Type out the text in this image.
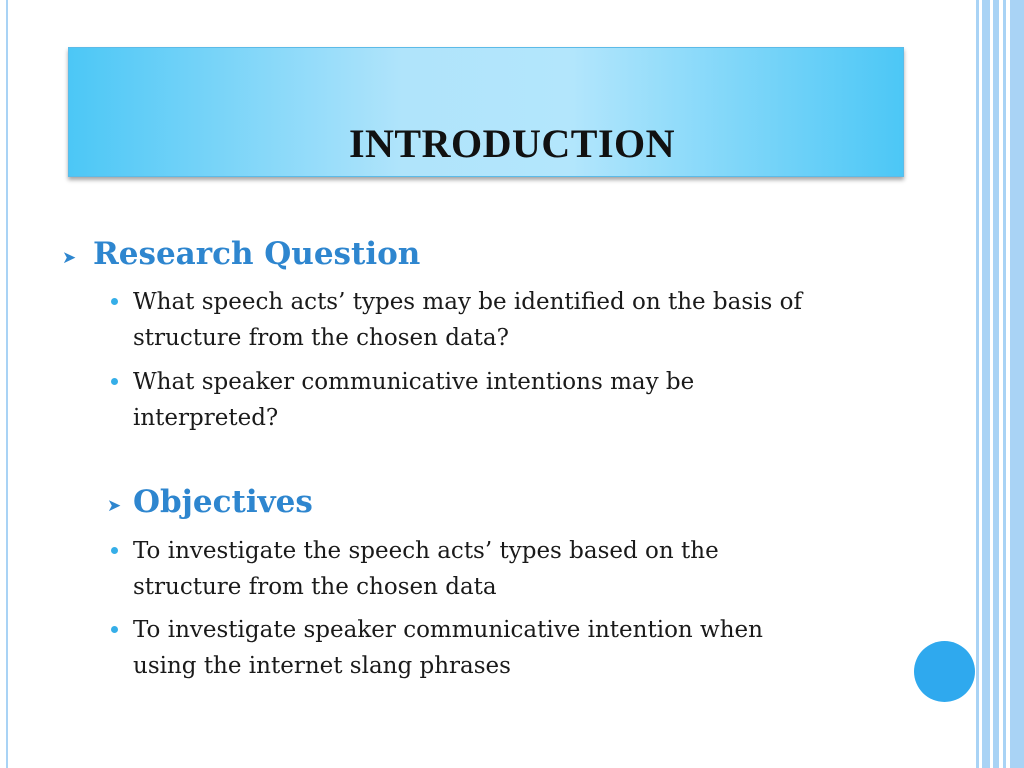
INTRODUCTION
➤ Research Question
What speech acts’ types may be identified on the basis of structure from the chosen data?
What speaker communicative intentions may be interpreted?
➤ Objectives
To investigate the speech acts’ types based on the structure from the chosen data
To investigate speaker communicative intention when using the internet slang phrases
